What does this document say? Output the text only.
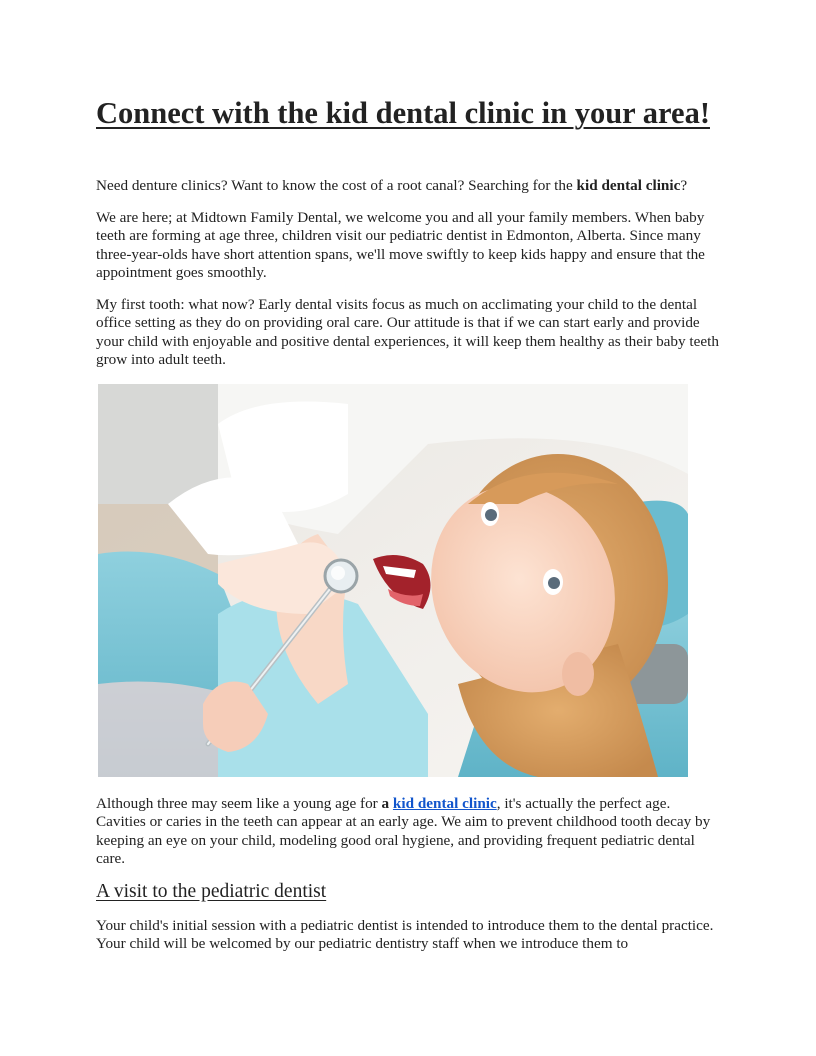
Connect with the kid dental clinic in your area!

Need denture clinics? Want to know the cost of a root canal? Searching for the kid dental clinic?

We are here; at Midtown Family Dental, we welcome you and all your family members. When baby teeth are forming at age three, children visit our pediatric dentist in Edmonton, Alberta. Since many three-year-olds have short attention spans, we'll move swiftly to keep kids happy and ensure that the appointment goes smoothly.

My first tooth: what now? Early dental visits focus as much on acclimating your child to the dental office setting as they do on providing oral care. Our attitude is that if we can start early and provide your child with enjoyable and positive dental experiences, it will keep them healthy as their baby teeth grow into adult teeth.

Although three may seem like a young age for a kid dental clinic, it's actually the perfect age. Cavities or caries in the teeth can appear at an early age. We aim to prevent childhood tooth decay by keeping an eye on your child, modeling good oral hygiene, and providing frequent pediatric dental care.

A visit to the pediatric dentist

Your child's initial session with a pediatric dentist is intended to introduce them to the dental practice. Your child will be welcomed by our pediatric dentistry staff when we introduce them to
